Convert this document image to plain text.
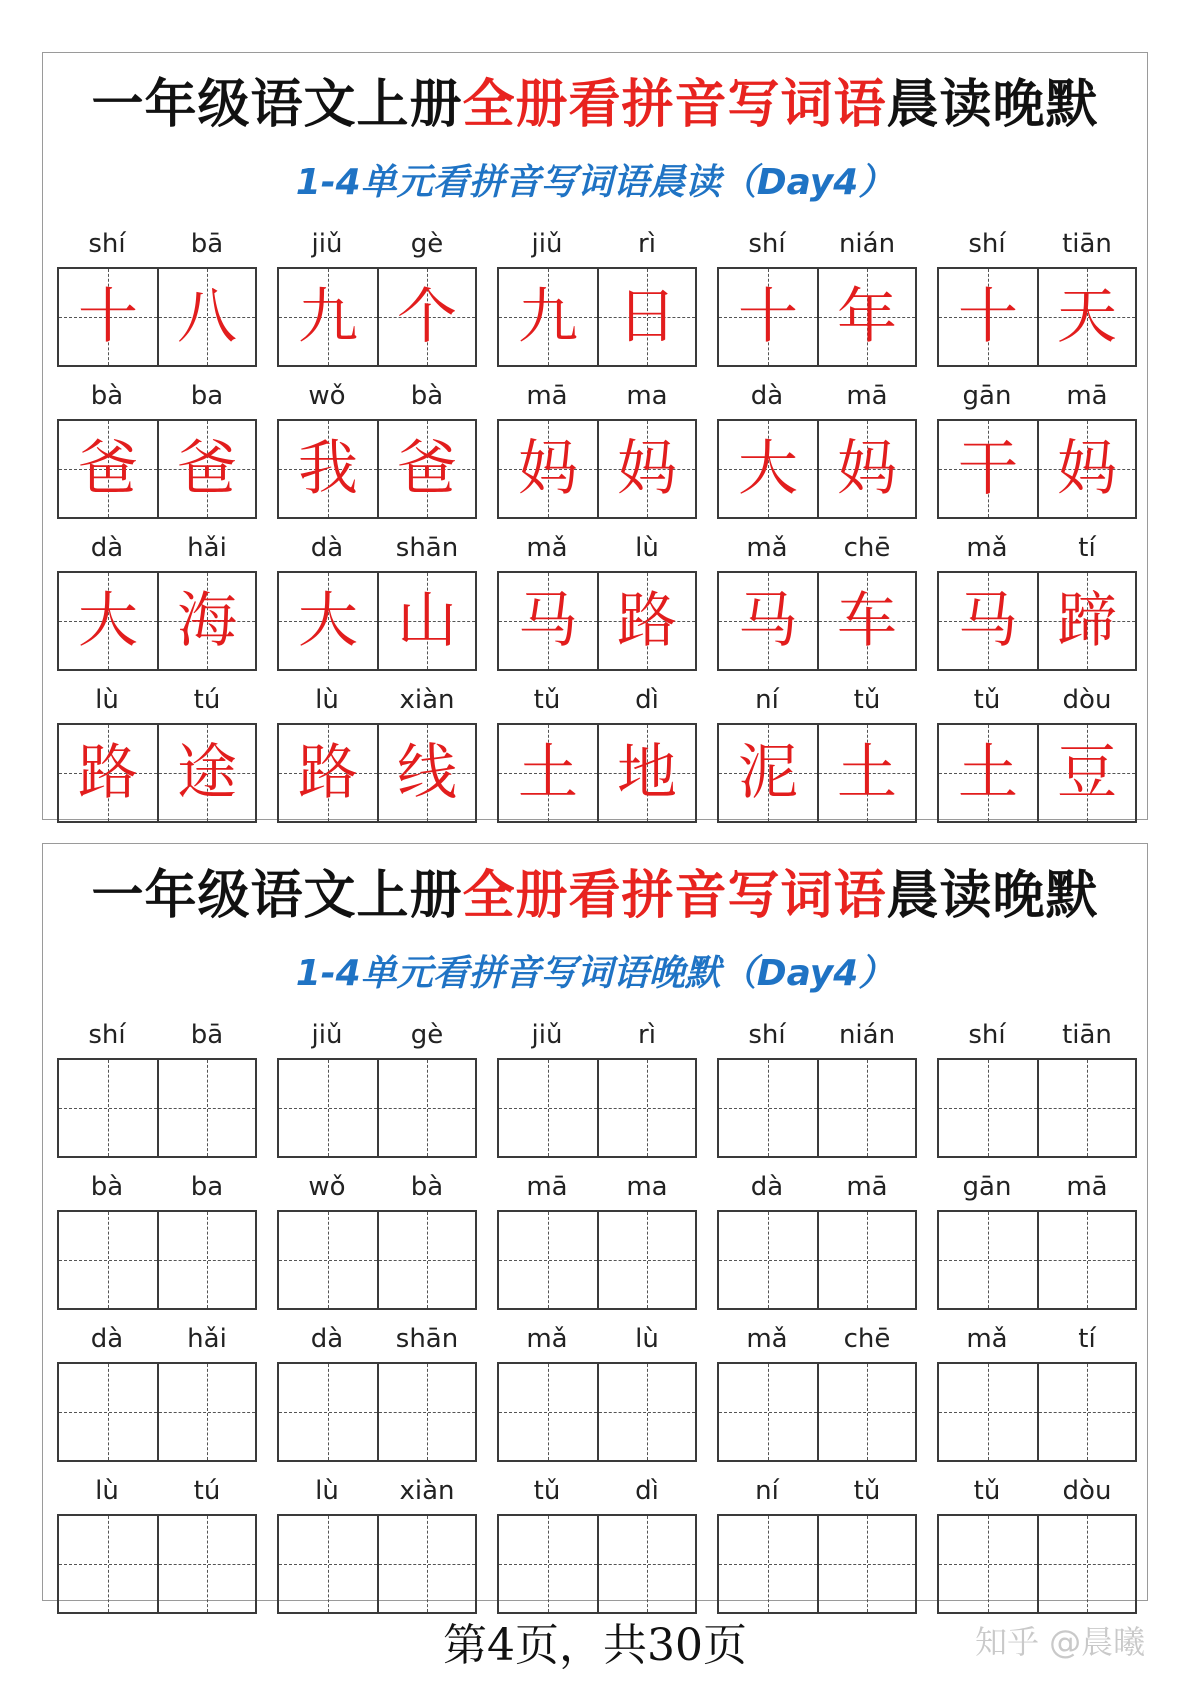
一年级语文上册全册看拼音写词语晨读晚默
1-4单元看拼音写词语晨读（Day4）
shí	bā
十 八
jiǔ	gè
九 个
jiǔ	rì
九 日
shí	nián
十 年
shí	tiān
十 天
bà	ba
爸 爸
wǒ	bà
我 爸
mā	ma
妈 妈
dà	mā
大 妈
gān	mā
干 妈
dà	hǎi
大 海
dà	shān
大 山
mǎ	lù
马 路
mǎ	chē
马 车
mǎ	tí
马 蹄
lù	tú
路 途
lù	xiàn
路 线
tǔ	dì
土 地
ní	tǔ
泥 土
tǔ	dòu
土 豆
一年级语文上册全册看拼音写词语晨读晚默
1-4单元看拼音写词语晚默（Day4）
shí	bā	jiǔ	gè	jiǔ	rì	shí	nián	shí	tiān
bà	ba	wǒ	bà	mā	ma	dà	mā	gān	mā
dà	hǎi	dà	shān	mǎ	lù	mǎ	chē	mǎ	tí
lù	tú	lù	xiàn	tǔ	dì	ní	tǔ	tǔ	dòu
第4页，共30页	知乎 @晨曦
